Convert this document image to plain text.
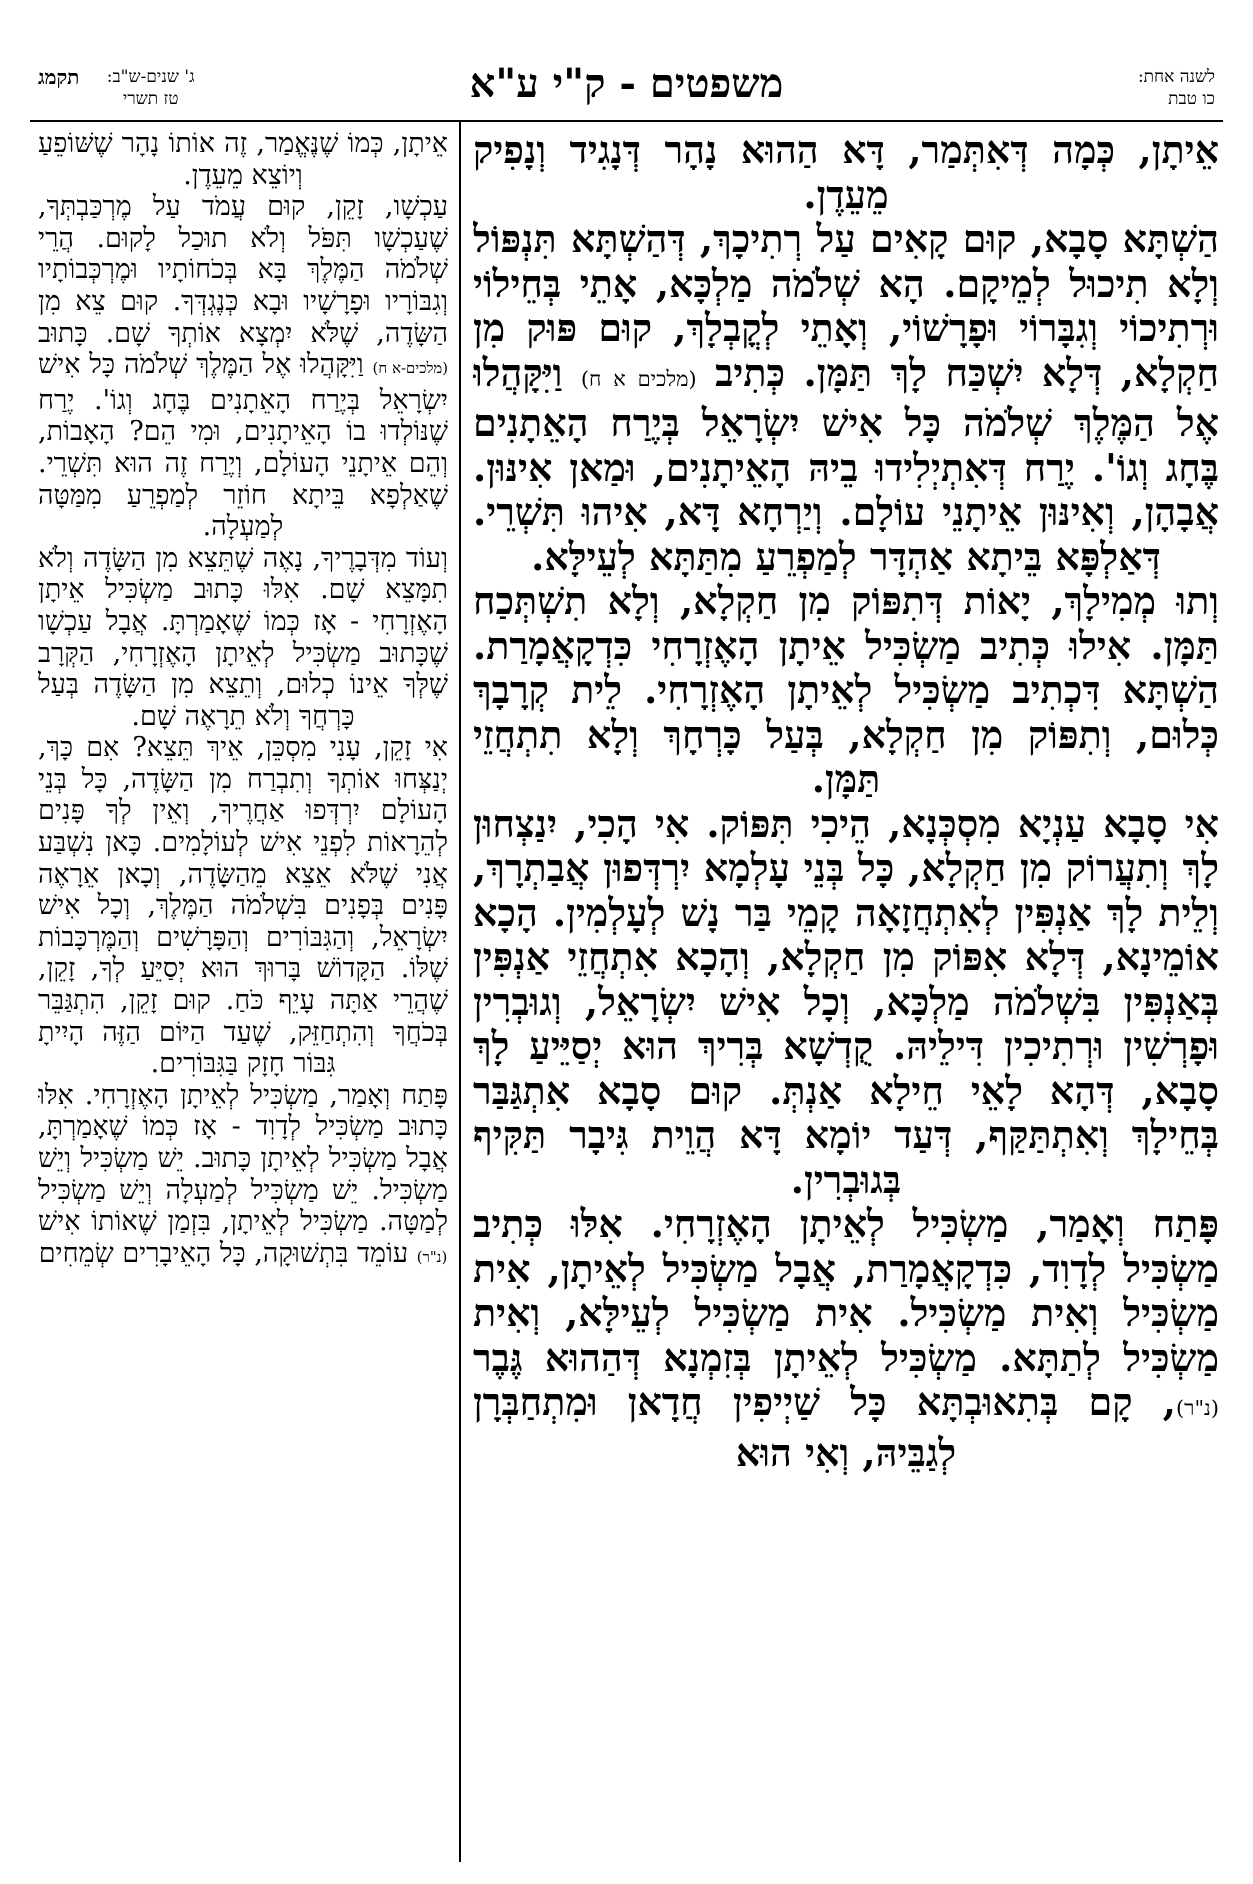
לשנה אחת:
כו טבת
משפטים - ק"י ע"א
ג' שנים-ש"ב:
טז תשרי
תקמג

אֵיתָן, כְּמָה דְּאִתְּמַר, דָּא הַהוּא נָהָר דְּנָגִיד וְנָפִיק מֵעֵדֶן.

הַשְׁתָּא סָבָא, קוּם קָאִים עַל רְתִיכָךְ, דְּהַשְׁתָּא תִּנְפּוֹל וְלָא תִיכוּל לְמֵיקָם. הָא שְׁלֹמֹה מַלְכָּא, אָתֵי בְּחֵילוֹי וּרְתִיכוֹי וְגִבָּרוֹי וּפָרָשׁוֹי, וְאָתֵי לְקֳבְלָךְ, קוּם פּוּק מִן חַקְלָא, דְּלָא יִשְׁכַּח לָךְ תַּמָּן. כְּתִיב (מלכים א ח) וַיִּקָּהֲלוּ אֶל הַמֶּלֶךְ שְׁלֹמֹה כָּל אִישׁ יִשְׂרָאֵל בְּיֶרַח הָאֵתָנִים בֶּחָג וְגוֹ'. יֶרַח דְּאִתְיְלִידוּ בֵיהּ הָאֵיתָנִים, וּמַאן אִינּוּן. אֲבָהָן, וְאִינּוּן אֵיתָנֵי עוֹלָם. וְיַרְחָא דָּא, אִיהוּ תִּשְׁרֵי. דְּאַלְפָּא בֵּיתָא אַהְדָּר לְמַפְרֵעַ מִתַּתָּא לְעֵילָּא.

וְתוּ מְמִילָךְ, יָאוֹת דְּתִפּוֹק מִן חַקְלָא, וְלָא תִשְׁתְּכַח תַּמָּן. אִילוּ כְּתִיב מַשְׂכִּיל אֵיתָן הָאֶזְרָחִי כִּדְקָאֲמָרַת. הַשְׁתָּא דִּכְתִיב מַשְׂכִּיל לְאֵיתָן הָאֶזְרָחִי. לֵית קְרָבָךְ כְּלוּם, וְתִפּוֹק מִן חַקְלָא, בְּעַל כָּרְחָךְ וְלָא תִתְחֲזֵי תַּמָּן.

אִי סָבָא עַנְיָא מִסְכְּנָא, הֵיכִי תִּפּוֹק. אִי הָכִי, יִנַצְחוּן לָךְ וְתִעֲרוֹק מִן חַקְלָא, כָּל בְּנֵי עָלְמָא יִרְדְּפוּן אֲבַתְרָךְ, וְלֵית לָךְ אַנְפִּין לְאִתְחֲזָאָה קָמֵי בַּר נָשׁ לְעָלְמִין. הָכָא אוֹמֵינָא, דְּלָא אִפּוֹק מִן חַקְלָא, וְהָכָא אִתְחֲזֵי אַנְפִּין בְּאַנְפִּין בִּשְׁלֹמֹה מַלְכָּא, וְכָל אִישׁ יִשְׂרָאֵל, וְגוּבְרִין וּפָרְשִׁין וּרְתִיכִין דִּילֵיהּ. קֻדְשָׁא בְּרִיךְ הוּא יְסַיֵּיעַ לָךְ סָבָא, דְּהָא לָאֵי חֵילָא אַנְתְּ. קוּם סָבָא אִתְגַּבַּר בְּחֵילָךְ וְאִתְתַּקַּף, דְּעַד יוֹמָא דָּא הֲוֵית גִּיבָר תַּקִּיף בְּגוּבְרִין.

פָּתַח וְאָמַר, מַשְׂכִּיל לְאֵיתָן הָאֶזְרָחִי. אִלּוּ כְּתִיב מַשְׂכִּיל לְדָוִד, כִּדְקָאֲמָרַת, אֲבָל מַשְׂכִּיל לְאֵיתָן, אִית מַשְׂכִּיל וְאִית מַשְׂכִּיל. אִית מַשְׂכִּיל לְעֵילָּא, וְאִית מַשְׂכִּיל לְתַתָּא. מַשְׂכִּיל לְאֵיתָן בְּזִמְנָא דְּהַהוּא גֶּבֶר (נ"ר), קָם בְּתִאוּבְתָּא כָּל שַׁיְיפִין חֲדָאן וּמִתְחַבְּרָן לְגַבֵּיהּ, וְאִי הוּא

אֵיתָן, כְּמוֹ שֶׁנֶּאֱמַר, זֶה אוֹתוֹ נָהָר שֶׁשּׁוֹפֵעַ וְיוֹצֵא מֵעֵדֶן.

עַכְשָׁו, זָקֵן, קוּם עֲמֹד עַל מֶרְכַּבְתְּךָ, שֶׁעַכְשָׁו תִּפֹּל וְלֹא תוּכַל לָקוּם. הֲרֵי שְׁלֹמֹה הַמֶּלֶךְ בָּא בְּכֹחוֹתָיו וּמֶרְכְּבוֹתָיו וְגִבּוֹרָיו וּפָרָשָׁיו וּבָא כְּנֶגְדְּךָ. קוּם צֵא מִן הַשָּׂדֶה, שֶׁלֹּא יִמְצָא אוֹתְךָ שָׁם. כָּתוּב (מלכים-א ח) וַיִּקָּהֲלוּ אֶל הַמֶּלֶךְ שְׁלֹמֹה כָּל אִישׁ יִשְׂרָאֵל בְּיֶרַח הָאֵתָנִים בֶּחָג וְגוֹ'. יֶרַח שֶׁנּוֹלְדוּ בוֹ הָאֵיתָנִים, וּמִי הֵם? הָאָבוֹת, וְהֵם אֵיתָנֵי הָעוֹלָם, וְיֶרַח זֶה הוּא תִּשְׁרֵי. שֶׁאַלְפָא בֵּיתָא חוֹזֵר לְמַפְרֵעַ מִמַּטָּה לְמַעְלָה.

וְעוֹד מִדְּבָרֶיךָ, נָאֶה שֶׁתֵּצֵא מִן הַשָּׂדֶה וְלֹא תִמָּצֵא שָׁם. אִלּוּ כָּתוּב מַשְׂכִּיל אֵיתָן הָאֶזְרָחִי - אָז כְּמוֹ שֶׁאָמַרְתָּ. אֲבָל עַכְשָׁו שֶׁכָּתוּב מַשְׂכִּיל לְאֵיתָן הָאֶזְרָחִי, הַקְּרָב שֶׁלְּךָ אֵינוֹ כְלוּם, וְתֵצֵא מִן הַשָּׂדֶה בְּעַל כָּרְחֲךָ וְלֹא תֵרָאֶה שָׁם.

אִי זָקֵן, עָנִי מִסְכֵּן, אֵיךְ תֵּצֵא? אִם כָּךְ, יְנַצְּחוּ אוֹתְךָ וְתִבְרַח מִן הַשָּׂדֶה, כָּל בְּנֵי הָעוֹלָם יִרְדְּפוּ אַחֲרֶיךָ, וְאֵין לְךָ פָּנִים לְהֵרָאוֹת לִפְנֵי אִישׁ לְעוֹלָמִים. כָּאן נִשְׁבַּע אֲנִי שֶׁלֹּא אֵצֵא מֵהַשָּׂדֶה, וְכָאן אֵרָאֶה פָּנִים בְּפָנִים בִּשְׁלֹמֹה הַמֶּלֶךְ, וְכָל אִישׁ יִשְׂרָאֵל, וְהַגִּבּוֹרִים וְהַפָּרָשִׁים וְהַמֶּרְכָּבוֹת שֶׁלּוֹ. הַקָּדוֹשׁ בָּרוּךְ הוּא יְסַיֵּעַ לְךָ, זָקֵן, שֶׁהֲרֵי אַתָּה עָיֵף כֹּחַ. קוּם זָקֵן, הִתְגַּבֵּר בְּכֹחֲךָ וְהִתְחַזֵּק, שֶׁעַד הַיּוֹם הַזֶּה הָיִיתָ גִּבּוֹר חָזָק בַּגִּבּוֹרִים.

פָּתַח וְאָמַר, מַשְׂכִּיל לְאֵיתָן הָאֶזְרָחִי. אִלּוּ כָּתוּב מַשְׂכִּיל לְדָוִד - אָז כְּמוֹ שֶׁאָמַרְתָּ, אֲבָל מַשְׂכִּיל לְאֵיתָן כָּתוּב. יֵשׁ מַשְׂכִּיל וְיֵשׁ מַשְׂכִּיל. יֵשׁ מַשְׂכִּיל לְמַעְלָה וְיֵשׁ מַשְׂכִּיל לְמַטָּה. מַשְׂכִּיל לְאֵיתָן, בִּזְמַן שֶׁאוֹתוֹ אִישׁ (נ"ר) עוֹמֵד בִּתְשׁוּקָה, כָּל הָאֵיבָרִים שְׂמֵחִים
